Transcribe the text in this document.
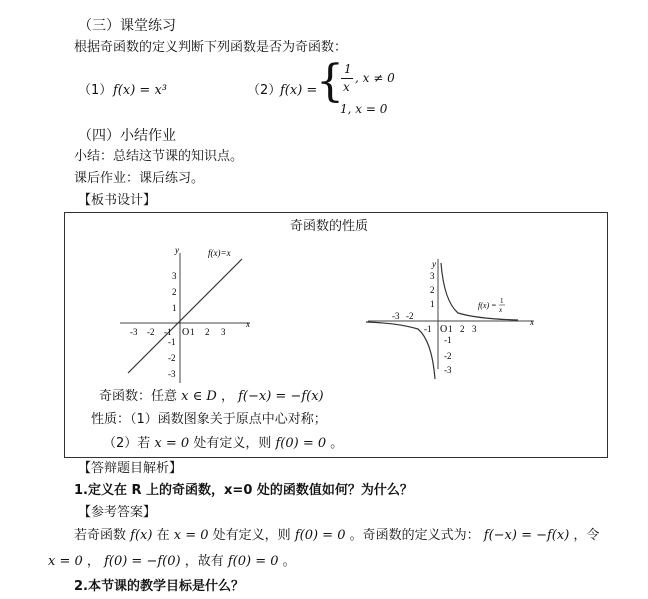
（三）课堂练习
根据奇函数的定义判断下列函数是否为奇函数：
（1） f(x) = x³	（2）
f(x) =
{ 1
x
, x ≠ 0
1, x = 0
（四）小结作业
小结：总结这节课的知识点。
课后作业：课后练习。
【板书设计】
奇函数的性质
x
y
O
f(x)=x
1 2 3
-1
-2
-3
1
2
3
-1
-2
-3
x
y
O
f(x) = 1
x
1 2 3
-1
-3 -2
1
2
3
-1
-2
-3
奇函数：任意 x ∈ D ， f(−x) = −f(x)
性质：（1）函数图象关于原点中心对称；
（2）若 x = 0 处有定义，则 f(0) = 0 。
【答辩题目解析】
1.定义在 R 上的奇函数，x=0 处的函数值如何？为什么？
【参考答案】
若奇函数 f(x) 在 x = 0 处有定义，则 f(0) = 0 。奇函数的定义式为： f(−x) = −f(x) ，令
x = 0 ， f(0) = −f(0) ，故有 f(0) = 0 。
2.本节课的教学目标是什么？
